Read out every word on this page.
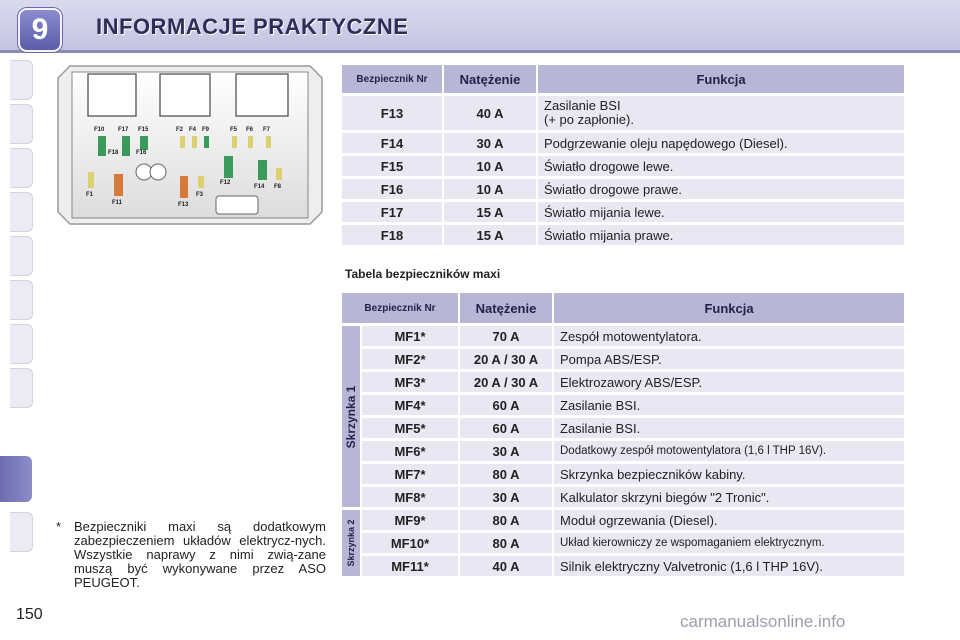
9	INFORMACJE PRAKTYCZNE
F10 F17 F15	F2 F4 F9	F5 F6 F7
F18	F16
F1
F11	F13
F3
F12
F14 F8
Bezpiecznik Nr	Natężenie	Funkcja
F13	40 A	Zasilanie BSI
(+ po zapłonie).

F14	30 A	Podgrzewanie oleju napędowego (Diesel).
F15	10 A	Światło drogowe lewe.
F16	10 A	Światło drogowe prawe.
F17	15 A	Światło mijania lewe.
F18	15 A	Światło mijania prawe.
Tabela bezpieczników maxi
Bezpiecznik Nr		Natężenie	Funkcja

Skrzynka 1	MF1*	70 A	Zespół motowentylatora.
	MF2*	20 A / 30 A	Pompa ABS/ESP.
	MF3*	20 A / 30 A	Elektrozawory ABS/ESP.
	MF4*	60 A	Zasilanie BSI.
	MF5*	60 A	Zasilanie BSI.
	MF6*	30 A	Dodatkowy zespół motowentylatora (1,6 l THP 16V).
	MF7*	80 A	Skrzynka bezpieczników kabiny.
	MF8*	30 A	Kalkulator skrzyni biegów "2 Tronic".

Skrzynka 2	MF9*	80 A	Moduł ogrzewania (Diesel).
	MF10*	80 A	Układ kierowniczy ze wspomaganiem elektrycznym.
	MF11*	40 A	Silnik elektryczny Valvetronic (1,6 l THP 16V).
* Bezpieczniki maxi są dodatkowym zabezpieczeniem układów elektrycz-nych. Wszystkie naprawy z nimi zwią-zane muszą być wykonywane przez ASO PEUGEOT.
150	carmanualsonline.info
